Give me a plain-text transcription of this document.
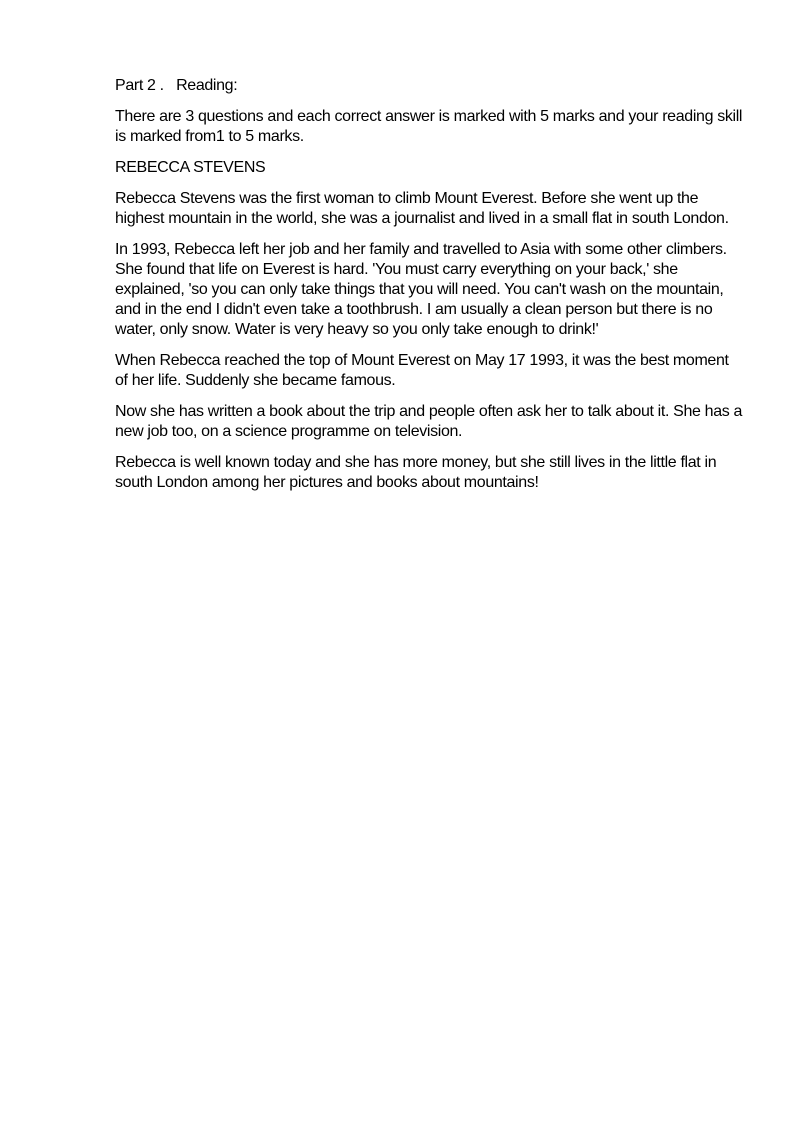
Part 2 .   Reading:

There are 3 questions and each correct answer is marked with 5 marks and your reading skill is marked from1 to 5 marks.

REBECCA STEVENS

Rebecca Stevens was the first woman to climb Mount Everest. Before she went up the highest mountain in the world, she was a journalist and lived in a small flat in south London.

In 1993, Rebecca left her job and her family and travelled to Asia with some other climbers. She found that life on Everest is hard. 'You must carry everything on your back,' she explained, 'so you can only take things that you will need. You can't wash on the mountain, and in the end I didn't even take a toothbrush. I am usually a clean person but there is no water, only snow. Water is very heavy so you only take enough to drink!'

When Rebecca reached the top of Mount Everest on May 17 1993, it was the best moment of her life. Suddenly she became famous.

Now she has written a book about the trip and people often ask her to talk about it. She has a new job too, on a science programme on television.

Rebecca is well known today and she has more money, but she still lives in the little flat in south London among her pictures and books about mountains!
